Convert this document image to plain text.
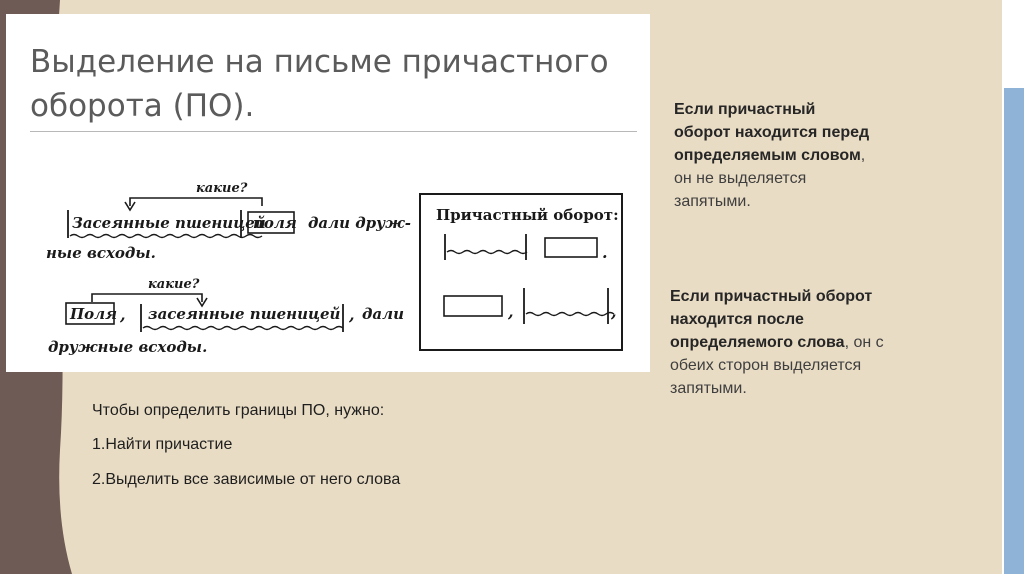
Выделение на письме причастного оборота (ПО).
какие?
Засеянные пшеницей
поля дали друж-
ные всходы.
какие?
Поля , засеянные пшеницей , дали
дружные всходы.
Причастный оборот:
.
,	,
Если причастный оборот находится перед определяемым словом, он не выделяется запятыми.
Если причастный оборот находится после определяемого слова, он с обеих сторон выделяется запятыми.

Чтобы определить границы ПО, нужно:

1.Найти причастие

2.Выделить все зависимые от него слова
